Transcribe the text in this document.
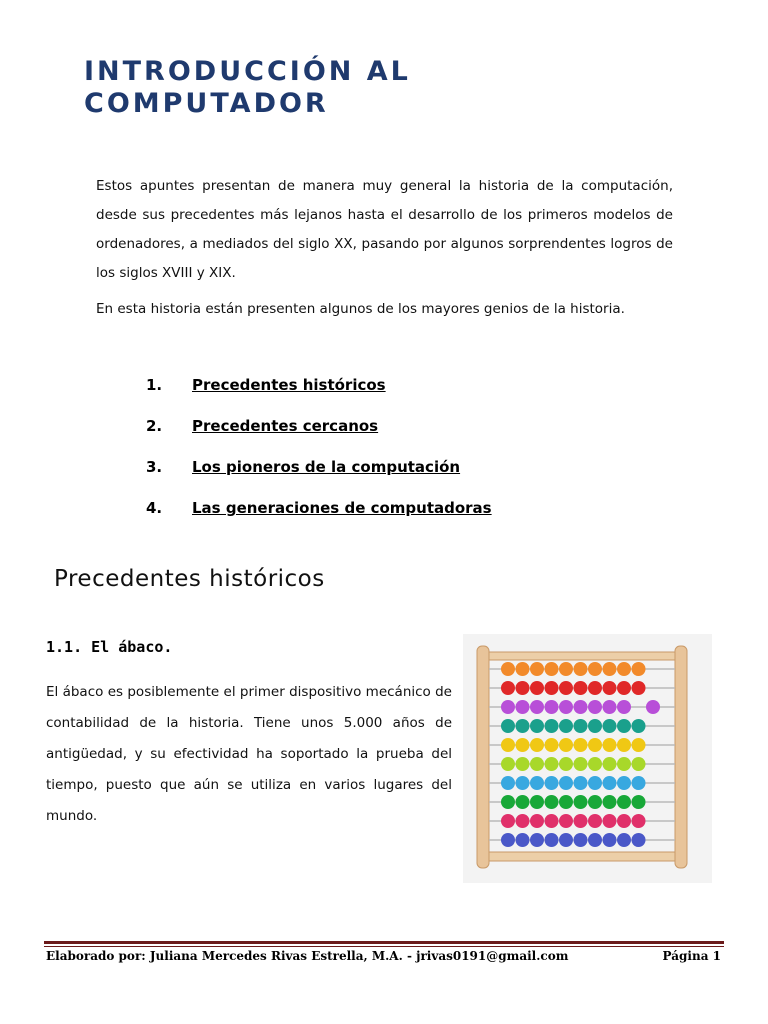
INTRODUCCIÓN AL
COMPUTADOR

Estos apuntes presentan de manera muy general la historia de la computación, desde sus precedentes más lejanos hasta el desarrollo de los primeros modelos de ordenadores, a mediados del siglo XX, pasando por algunos sorprendentes logros de los siglos XVIII y XIX.

En esta historia están presenten algunos de los mayores genios de la historia.

1. Precedentes históricos
2. Precedentes cercanos
3. Los pioneros de la computación
4. Las generaciones de computadoras
Precedentes históricos
1.1. El ábaco.

El ábaco es posiblemente el primer dispositivo mecánico de contabilidad de la historia. Tiene unos 5.000 años de antigüedad, y su efectividad ha soportado la prueba del tiempo, puesto que aún se utiliza en varios lugares del mundo.

Elaborado por: Juliana Mercedes Rivas Estrella, M.A. - jrivas0191@gmail.com	Página 1
